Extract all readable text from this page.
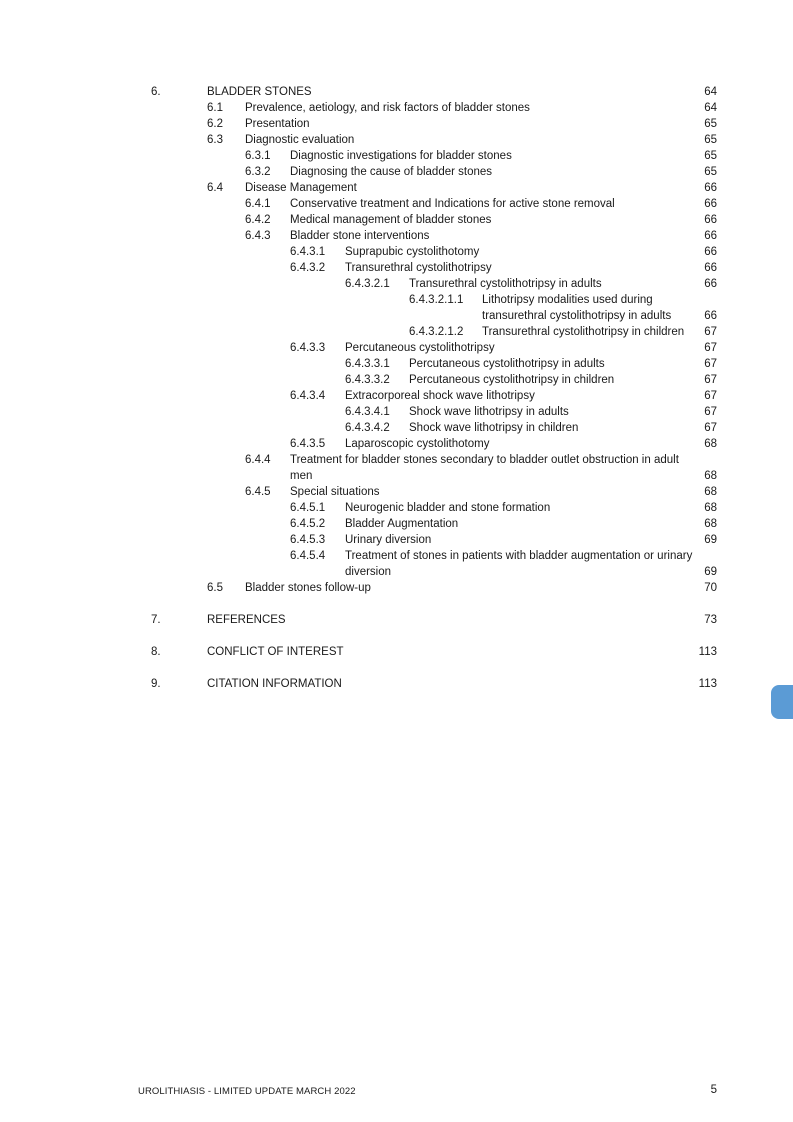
6.	BLADDER STONES	64
6.1 Prevalence, aetiology, and risk factors of bladder stones	64
6.2 Presentation	65
6.3 Diagnostic evaluation	65
6.3.1 Diagnostic investigations for bladder stones	65
6.3.2 Diagnosing the cause of bladder stones	65
6.4 Disease Management	66
6.4.1 Conservative treatment and Indications for active stone removal	66
6.4.2 Medical management of bladder stones	66
6.4.3 Bladder stone interventions	66
6.4.3.1 Suprapubic cystolithotomy	66
6.4.3.2 Transurethral cystolithotripsy	66
6.4.3.2.1 Transurethral cystolithotripsy in adults	66
6.4.3.2.1.1 Lithotripsy modalities used during
transurethral cystolithotripsy in adults	66
6.4.3.2.1.2 Transurethral cystolithotripsy in children 67
6.4.3.3 Percutaneous cystolithotripsy	67
6.4.3.3.1 Percutaneous cystolithotripsy in adults	67
6.4.3.3.2 Percutaneous cystolithotripsy in children	67
6.4.3.4 Extracorporeal shock wave lithotripsy	67
6.4.3.4.1 Shock wave lithotripsy in adults	67
6.4.3.4.2 Shock wave lithotripsy in children	67
6.4.3.5 Laparoscopic cystolithotomy	68
6.4.4 Treatment for bladder stones secondary to bladder outlet obstruction in adult
men	68
6.4.5 Special situations	68
6.4.5.1 Neurogenic bladder and stone formation	68
6.4.5.2 Bladder Augmentation	68
6.4.5.3 Urinary diversion	69
6.4.5.4 Treatment of stones in patients with bladder augmentation or urinary
diversion	69
6.5 Bladder stones follow-up	70
7.	REFERENCES	73
8.	CONFLICT OF INTEREST	113
9.	CITATION INFORMATION	113
UROLITHIASIS - LIMITED UPDATE MARCH 2022	5
